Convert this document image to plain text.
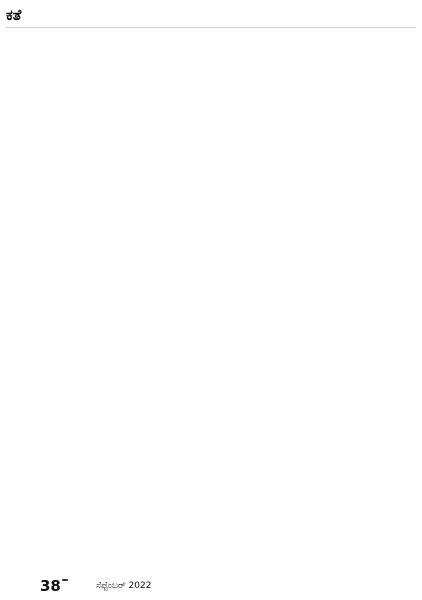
ಕತೆ
38	ಸೆಪ್ಟೆಂಬರ್ 2022
